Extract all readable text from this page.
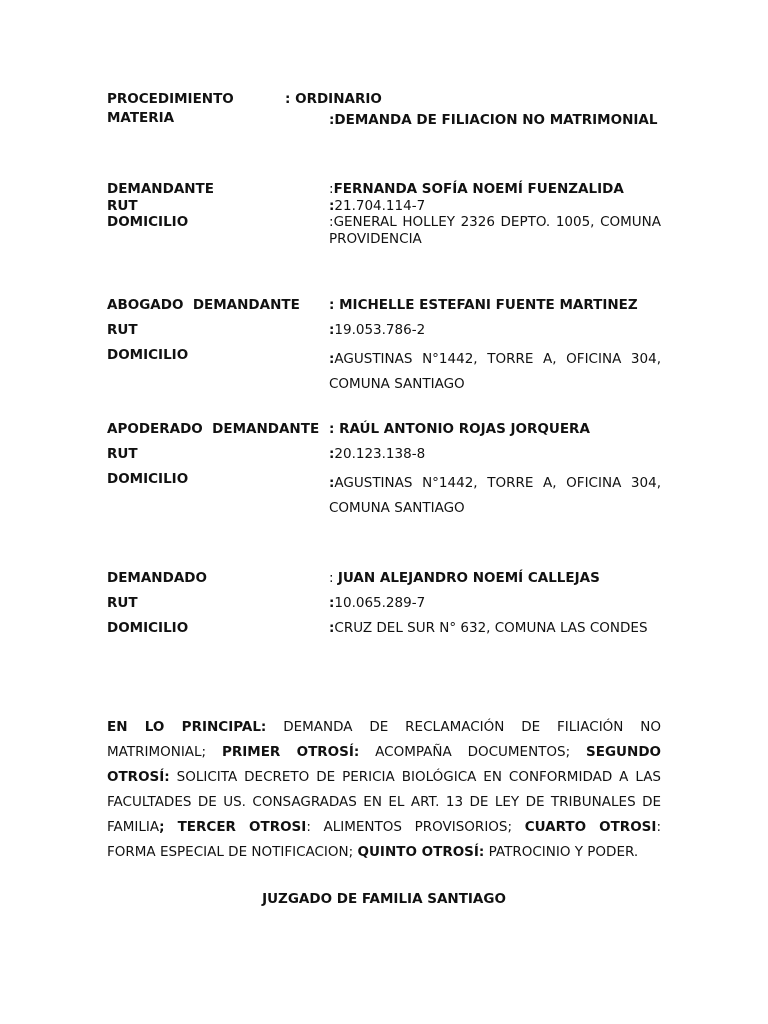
PROCEDIMIENTO	: ORDINARIO
MATERIA	:DEMANDA DE FILIACION NO MATRIMONIAL
DEMANDANTE	:FERNANDA SOFÍA NOEMÍ FUENZALIDA
RUT	:21.704.114-7
DOMICILIO	:GENERAL HOLLEY 2326 DEPTO. 1005, COMUNA PROVIDENCIA
ABOGADO  DEMANDANTE : MICHELLE ESTEFANI FUENTE MARTINEZ
RUT	:19.053.786-2
DOMICILIO	:AGUSTINAS N°1442, TORRE A, OFICINA 304, COMUNA SANTIAGO
APODERADO  DEMANDANTE : RAÚL ANTONIO ROJAS JORQUERA
RUT	:20.123.138-8
DOMICILIO	:AGUSTINAS N°1442, TORRE A, OFICINA 304, COMUNA SANTIAGO
DEMANDADO	: JUAN ALEJANDRO NOEMÍ CALLEJAS
RUT	:10.065.289-7
DOMICILIO	:CRUZ DEL SUR N° 632, COMUNA LAS CONDES
EN LO PRINCIPAL: DEMANDA DE RECLAMACIÓN DE FILIACIÓN NO MATRIMONIAL; PRIMER OTROSÍ: ACOMPAÑA DOCUMENTOS; SEGUNDO OTROSÍ: SOLICITA DECRETO DE PERICIA BIOLÓGICA EN CONFORMIDAD A LAS FACULTADES DE US. CONSAGRADAS EN EL ART. 13 DE LEY DE TRIBUNALES DE FAMILIA; TERCER OTROSI: ALIMENTOS PROVISORIOS; CUARTO OTROSI: FORMA ESPECIAL DE NOTIFICACION; QUINTO OTROSÍ: PATROCINIO Y PODER.
JUZGADO DE FAMILIA SANTIAGO
